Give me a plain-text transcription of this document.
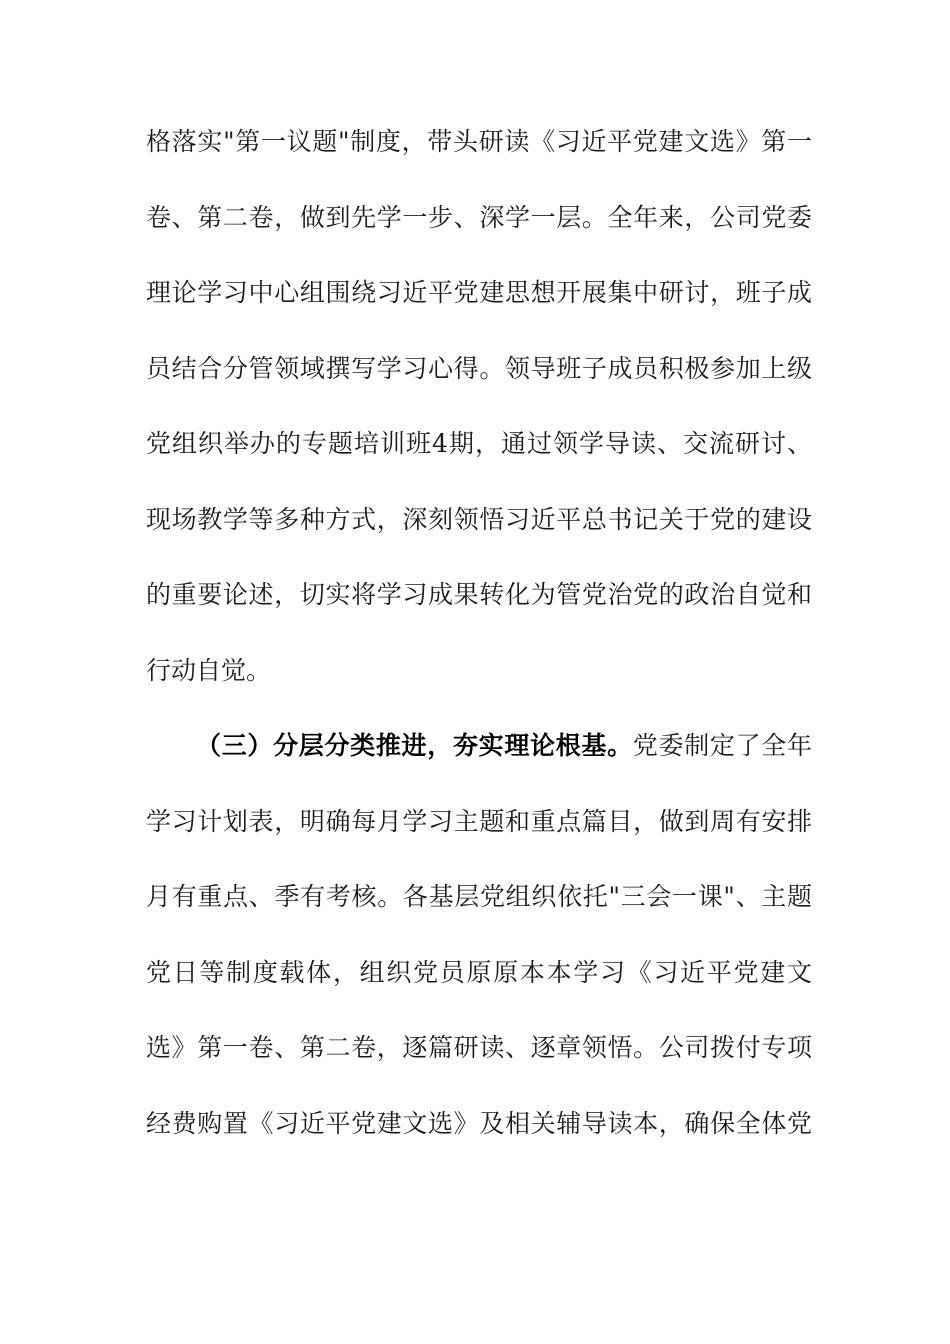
格落实"第一议题"制度，带头研读《习近平党建文选》第一
卷、第二卷，做到先学一步、深学一层。全年来，公司党委
理论学习中心组围绕习近平党建思想开展集中研讨，班子成
员结合分管领域撰写学习心得。领导班子成员积极参加上级
党组织举办的专题培训班4期，通过领学导读、交流研讨、
现场教学等多种方式，深刻领悟习近平总书记关于党的建设
的重要论述，切实将学习成果转化为管党治党的政治自觉和
行动自觉。
（三）分层分类推进，夯实理论根基。党委制定了全年
学习计划表，明确每月学习主题和重点篇目，做到周有安排
月有重点、季有考核。各基层党组织依托"三会一课"、主题
党日等制度载体，组织党员原原本本学习《习近平党建文
选》第一卷、第二卷，逐篇研读、逐章领悟。公司拨付专项
经费购置《习近平党建文选》及相关辅导读本，确保全体党
